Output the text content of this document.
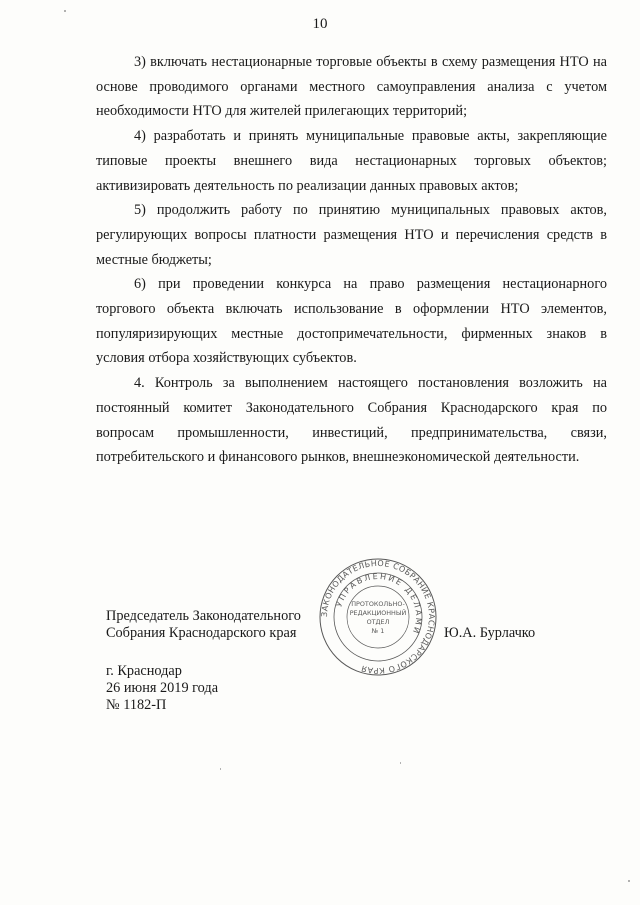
10

3) включать нестационарные торговые объекты в схему размещения НТО на основе проводимого органами местного самоуправления анализа с учетом необходимости НТО для жителей прилегающих территорий;

4) разработать и принять муниципальные правовые акты, закрепляющие типовые проекты внешнего вида нестационарных торговых объектов; активизировать деятельность по реализации данных правовых актов;

5) продолжить работу по принятию муниципальных правовых актов, регулирующих вопросы платности размещения НТО и перечисления средств в местные бюджеты;

6) при проведении конкурса на право размещения нестационарного торгового объекта включать использование в оформлении НТО элементов, популяризирующих местные достопримечательности, фирменных знаков в условия отбора хозяйствующих субъектов.

4. Контроль за выполнением настоящего постановления возложить на постоянный комитет Законодательного Собрания Краснодарского края по вопросам промышленности, инвестиций, предпринимательства, связи, потребительского и финансового рынков, внешнеэкономической деятельности.

Председатель Законодательного
Собрания Краснодарского края	Ю.А. Бурлачко
г. Краснодар
26 июня 2019 года
№ 1182-П
ЗАКОНОДАТЕЛЬНОЕ СОБРАНИЕ КРАСНОДАРСКОГО КРАЯ
УПРАВЛЕНИЕ ДЕЛАМИ
ПРОТОКОЛЬНО-
РЕДАКЦИОННЫЙ
ОТДЕЛ
№ 1
